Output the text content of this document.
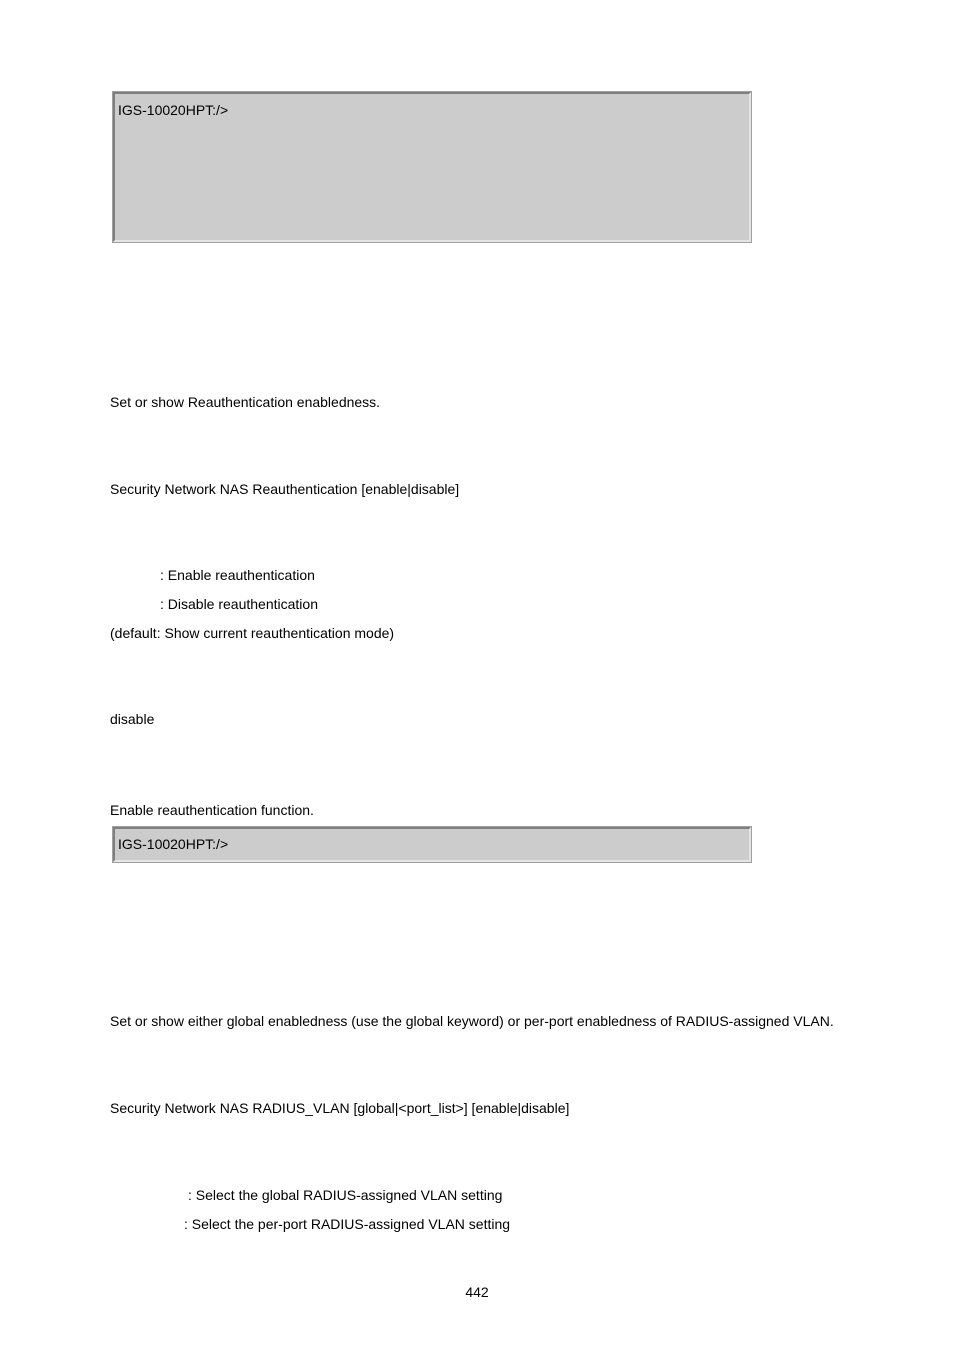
IGS-10020HPT:/>
Set or show Reauthentication enabledness.
Security Network NAS Reauthentication [enable|disable]
: Enable reauthentication
: Disable reauthentication
(default: Show current reauthentication mode)
disable
Enable reauthentication function.
IGS-10020HPT:/>
Set or show either global enabledness (use the global keyword) or per-port enabledness of RADIUS-assigned VLAN.
Security Network NAS RADIUS_VLAN [global|<port_list>] [enable|disable]
: Select the global RADIUS-assigned VLAN setting
: Select the per-port RADIUS-assigned VLAN setting
442
